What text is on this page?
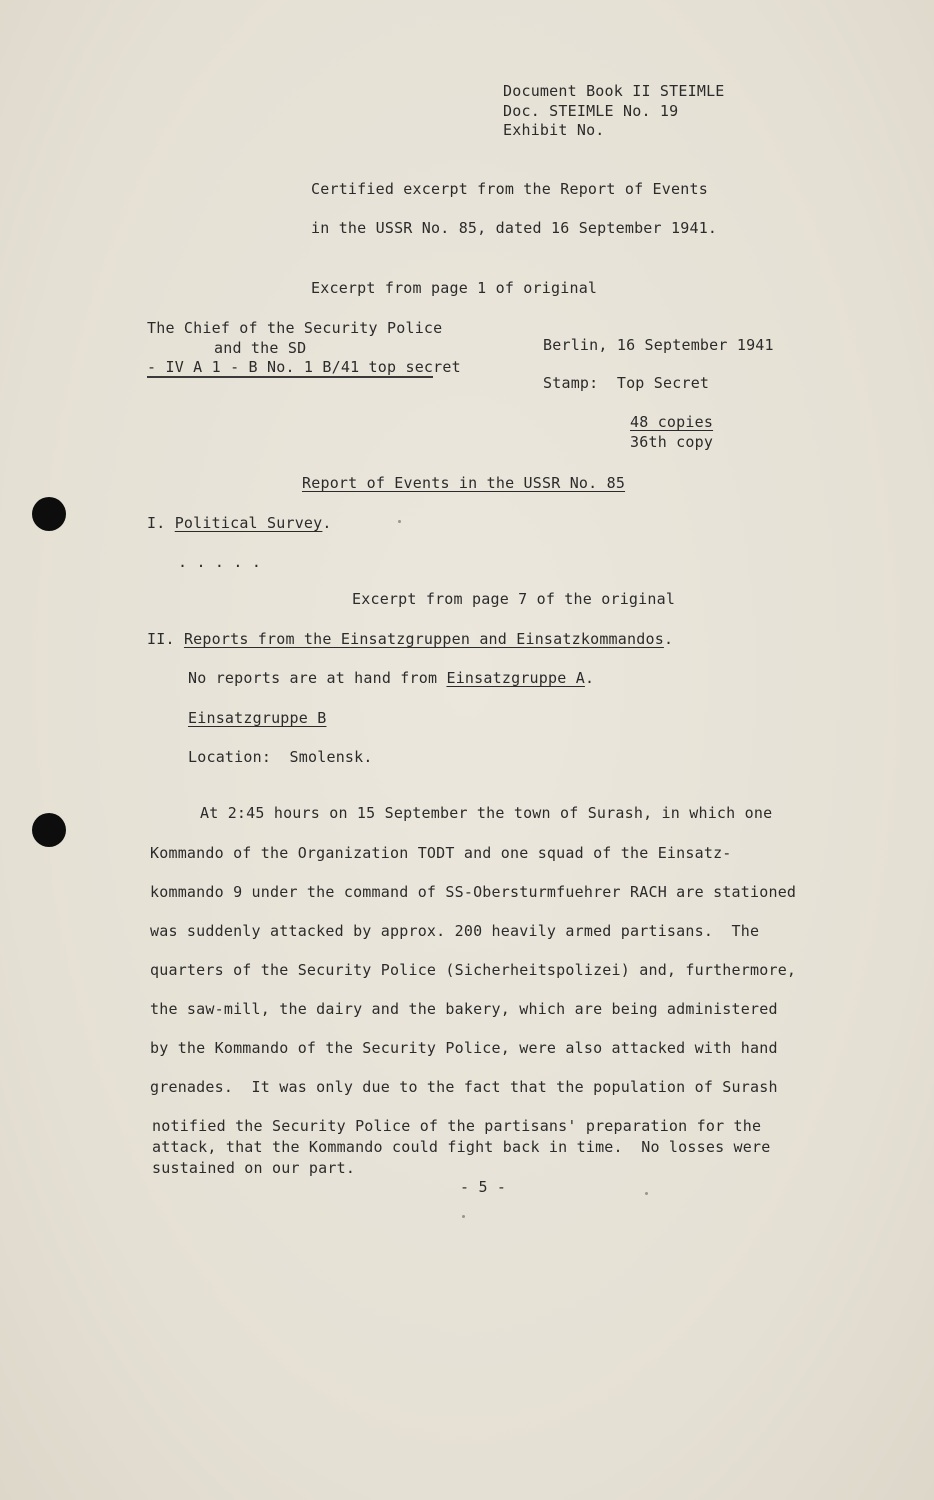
Document Book II STEIMLE
Doc. STEIMLE No. 19
Exhibit No.
Certified excerpt from the Report of Events
in the USSR No. 85, dated 16 September 1941.
Excerpt from page 1 of original
The Chief of the Security Police
and the SD
- IV A 1 - B No. 1 B/41 top secret
Berlin, 16 September 1941
Stamp:  Top Secret
48 copies
36th copy
Report of Events in the USSR No. 85
I. Political Survey.
. . . . .
Excerpt from page 7 of the original
II. Reports from the Einsatzgruppen and Einsatzkommandos.
No reports are at hand from Einsatzgruppe A.
Einsatzgruppe B
Location:  Smolensk.
At 2:45 hours on 15 September the town of Surash, in which one
Kommando of the Organization TODT and one squad of the Einsatz-
kommando 9 under the command of SS-Obersturmfuehrer RACH are stationed
was suddenly attacked by approx. 200 heavily armed partisans.  The
quarters of the Security Police (Sicherheitspolizei) and, furthermore,
the saw-mill, the dairy and the bakery, which are being administered
by the Kommando of the Security Police, were also attacked with hand
grenades.  It was only due to the fact that the population of Surash
notified the Security Police of the partisans' preparation for the
attack, that the Kommando could fight back in time.  No losses were
sustained on our part.
- 5 -
